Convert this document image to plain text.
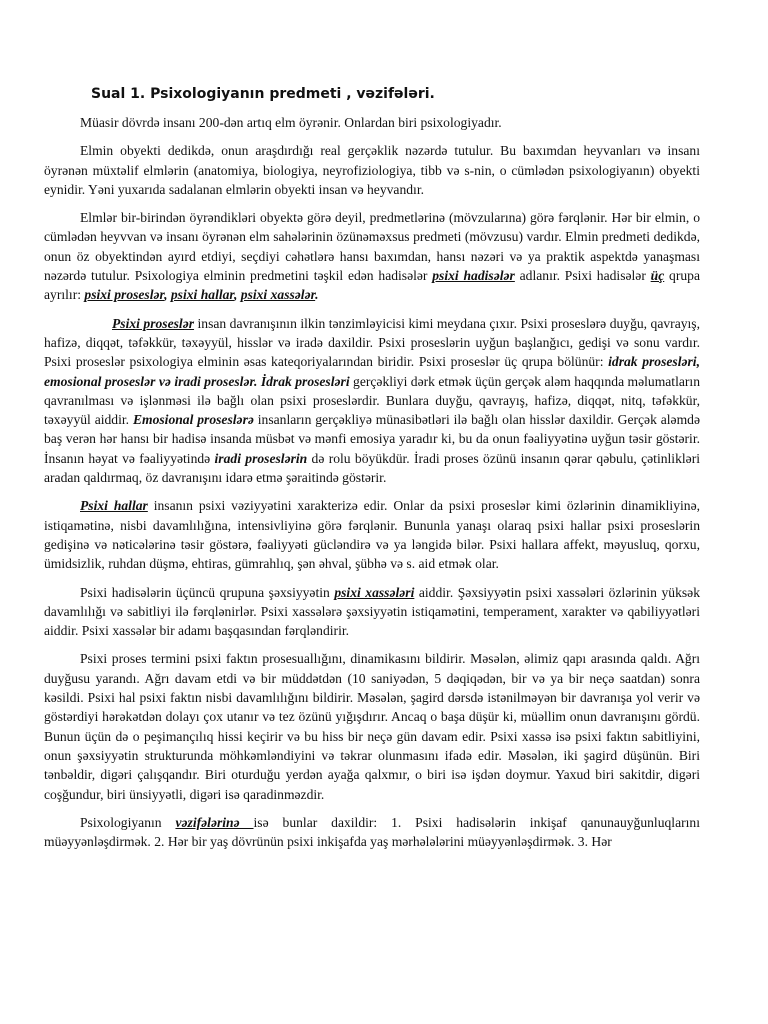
Sual 1. Psixologiyanın predmeti , vəzifələri.

Müasir dövrdə insanı 200-dən artıq elm öyrənir. Onlardan biri psixologiyadır.

Elmin obyekti dedikdə, onun araşdırdığı real gerçəklik nəzərdə tutulur. Bu baxımdan heyvanları və insanı öyrənən müxtəlif elmlərin (anatomiya, biologiya, neyrofiziologiya, tibb və s-nin, o cümlədən psixologiyanın) obyekti eynidir. Yəni yuxarıda sadalanan elmlərin obyekti insan və heyvandır.

Elmlər bir-birindən öyrəndikləri obyektə görə deyil, predmetlərinə (mövzularına) görə fərqlənir. Hər bir elmin, o cümlədən heyvvan və insanı öyrənən elm sahələrinin özünəməxsus predmeti (mövzusu) vardır. Elmin predmeti dedikdə, onun öz obyektindən ayırd etdiyi, seçdiyi cəhətlərə hansı baxımdan, hansı nəzəri və ya praktik aspektdə yanaşması nəzərdə tutulur. Psixologiya elminin predmetini təşkil edən hadisələr psixi hadisələr adlanır. Psixi hadisələr üç qrupa ayrılır: psixi proseslər, psixi hallar, psixi xassələr.

Psixi proseslər insan davranışının ilkin tənzimləyicisi kimi meydana çıxır. Psixi proseslərə duyğu, qavrayış, hafizə, diqqət, təfəkkür, təxəyyül, hisslər və iradə daxildir. Psixi proseslərin uyğun başlanğıcı, gedişi və sonu vardır. Psixi proseslər psixologiya elminin əsas kateqoriyalarından biridir. Psixi proseslər üç qrupa bölünür: idrak prosesləri, emosional proseslər və iradi proseslər. İdrak prosesləri gerçəkliyi dərk etmək üçün gerçək aləm haqqında məlumatların qavranılması və işlənməsi ilə bağlı olan psixi proseslərdir. Bunlara duyğu, qavrayış, hafizə, diqqət, nitq, təfəkkür, təxəyyül aiddir. Emosional proseslərə insanların gerçəkliyə münasibətləri ilə bağlı olan hisslər daxildir. Gerçək aləmdə baş verən hər hansı bir hadisə insanda müsbət və mənfi emosiya yaradır ki, bu da onun fəaliyyətinə uyğun təsir göstərir. İnsanın həyat və fəaliyyətində iradi proseslərin də rolu böyükdür. İradi proses özünü insanın qərar qəbulu, çətinlikləri aradan qaldırmaq, öz davranışını idarə etmə şəraitində göstərir.

Psixi hallar insanın psixi vəziyyətini xarakterizə edir. Onlar da psixi proseslər kimi özlərinin dinamikliyinə, istiqamətinə, nisbi davamlılığına, intensivliyinə görə fərqlənir. Bununla yanaşı olaraq psixi hallar psixi proseslərin gedişinə və nəticələrinə təsir göstərə, fəaliyyəti gücləndirə və ya ləngidə bilər. Psixi hallara affekt, məyusluq, qorxu, ümidsizlik, ruhdan düşmə, ehtiras, gümrahlıq, şən əhval, şübhə və s. aid etmək olar.

Psixi hadisələrin üçüncü qrupuna şəxsiyyətin psixi xassələri aiddir. Şəxsiyyətin psixi xassələri özlərinin yüksək davamlılığı və sabitliyi ilə fərqlənirlər. Psixi xassələrə şəxsiyyətin istiqamətini, temperament, xarakter və qabiliyyətləri aiddir. Psixi xassələr bir adamı başqasından fərqləndirir.

Psixi proses termini psixi faktın prosesuallığını, dinamikasını bildirir. Məsələn, əlimiz qapı arasında qaldı. Ağrı duyğusu yarandı. Ağrı davam etdi və bir müddətdən (10 saniyədən, 5 dəqiqədən, bir və ya bir neçə saatdan) sonra kəsildi. Psixi hal psixi faktın nisbi davamlılığını bildirir. Məsələn, şagird dərsdə istənilməyən bir davranışa yol verir və göstərdiyi hərəkətdən dolayı çox utanır və tez özünü yığışdırır. Ancaq o başa düşür ki, müəllim onun davranışını gördü. Bunun üçün də o peşimançılıq hissi keçirir və bu hiss bir neçə gün davam edir. Psixi xassə isə psixi faktın sabitliyini, onun şəxsiyyətin strukturunda möhkəmləndiyini və təkrar olunmasını ifadə edir. Məsələn, iki şagird düşünün. Biri tənbəldir, digəri çalışqandır. Biri oturduğu yerdən ayağa qalxmır, o biri isə işdən doymur. Yaxud biri sakitdir, digəri coşğundur, biri ünsiyyətli, digəri isə qaradinməzdir.

Psixologiyanın vəzifələrinə isə bunlar daxildir: 1. Psixi hadisələrin inkişaf qanunauyğunluqlarını müəyyənləşdirmək. 2. Hər bir yaş dövrünün psixi inkişafda yaş mərhələlərini müəyyənləşdirmək. 3. Hər
